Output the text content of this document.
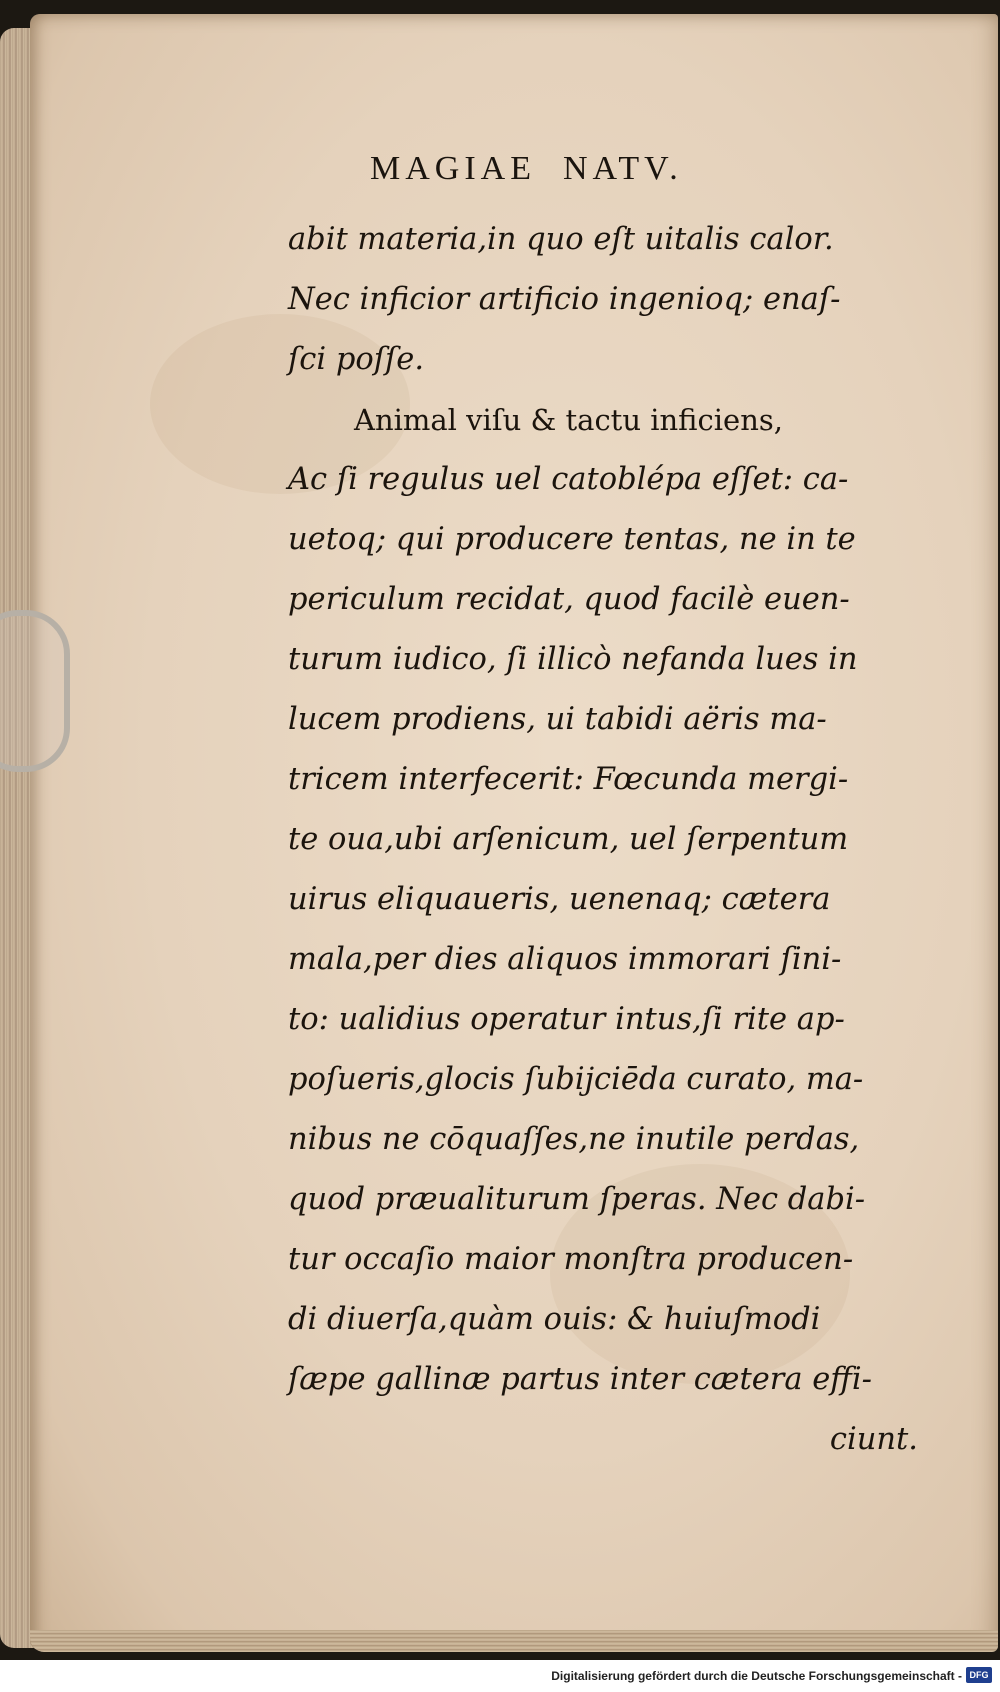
MAGIAE  NATV.
abit materia,in quo eſt uitalis calor.
Nec inficior artificio ingenioq; enaſ-
ſci poſſe.
Animal viſu & tactu inficiens,
Ac ſi regulus uel catoblépa eſſet: ca-
uetoq; qui producere tentas, ne in te
periculum recidat, quod facilè euen-
turum iudico, ſi illicò nefanda lues in
lucem prodiens, ui tabidi aëris ma-
tricem interfecerit: Fœcunda mergi-
te oua,ubi arſenicum, uel ſerpentum
uirus eliquaueris, uenenaq; cætera
mala,per dies aliquos immorari ſini-
to: ualidius operatur intus,ſi rite ap-
poſueris,glocis ſubijciēda curato, ma-
nibus ne cōquaſſes,ne inutile perdas,
quod præualiturum ſperas. Nec dabi-
tur occaſio maior monſtra producen-
di diuerſa,quàm ouis: & huiuſmodi
ſæpe gallinæ partus inter cætera effi-
ciunt.
Digitalisierung gefördert durch die Deutsche Forschungsgemeinschaft - DFG
